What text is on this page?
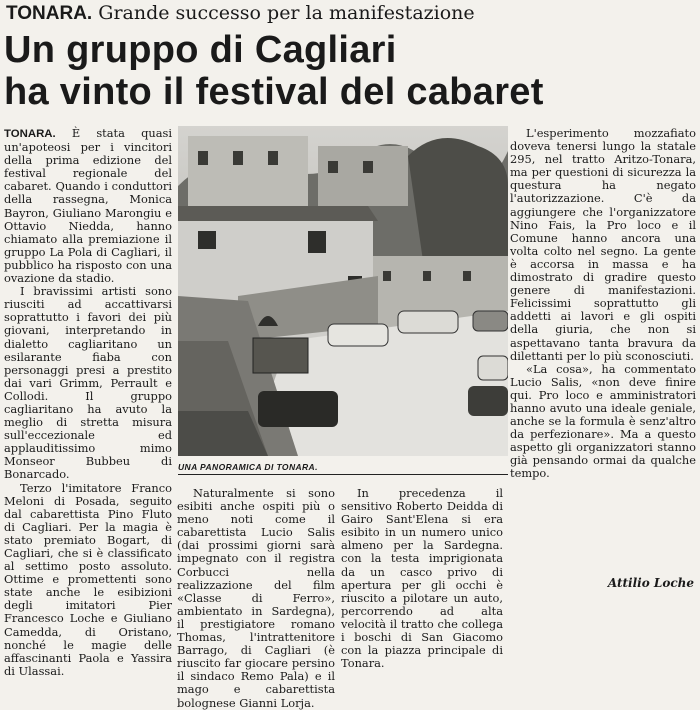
TONARA. Grande successo per la manifestazione
Un gruppo di Cagliari
ha vinto il festival del cabaret
UNA PANORAMICA DI TONARA.

TONARA. È stata quasi un'apoteosi per i vincitori della prima edizione del festival regionale del cabaret. Quando i conduttori della rassegna, Monica Bayron, Giuliano Marongiu e Ottavio Niedda, hanno chiamato alla premiazione il gruppo La Pola di Cagliari, il pubblico ha risposto con una ovazione da stadio.

I bravissimi artisti sono riusciti ad accattivarsi soprattutto i favori dei più giovani, interpretando in dialetto cagliaritano un esilarante fiaba con personaggi presi a prestito dai vari Grimm, Perrault e Collodi. Il gruppo cagliaritano ha avuto la meglio di stretta misura sull'eccezionale ed applauditissimo mimo Monseor Bubbeu di Bonarcado.

Terzo l'imitatore Franco Meloni di Posada, seguito dal cabarettista Pino Fluto di Cagliari. Per la magia è stato premiato Bogart, di Cagliari, che si è classificato al settimo posto assoluto. Ottime e promettenti sono state anche le esibizioni degli imitatori Pier Francesco Loche e Giuliano Camedda, di Oristano, nonché le magie delle affascinanti Paola e Yassira di Ulassai.

Naturalmente si sono esibiti anche ospiti più o meno noti come il cabarettista Lucio Salis (dai prossimi giorni sarà impegnato con il registra Corbucci nella realizzazione del film «Classe di Ferro», ambientato in Sardegna), il prestigiatore romano Thomas, l'intrattenitore Barrago, di Cagliari (è riuscito far giocare persino il sindaco Remo Pala) e il mago e cabarettista bolognese Gianni Lorja.

In precedenza il sensitivo Roberto Deidda di Gairo Sant'Elena si era esibito in un numero unico almeno per la Sardegna. con la testa imprigionata da un casco privo di apertura per gli occhi è riuscito a pilotare un auto, percorrendo ad alta velocità il tratto che collega i boschi di San Giacomo con la piazza principale di Tonara.

L'esperimento mozzafiato doveva tenersi lungo la statale 295, nel tratto Aritzo-Tonara, ma per questioni di sicurezza la questura ha negato l'autorizzazione. C'è da aggiungere che l'organizzatore Nino Fais, la Pro loco e il Comune hanno ancora una volta colto nel segno. La gente è accorsa in massa e ha dimostrato di gradire questo genere di manifestazioni. Felicissimi soprattutto gli addetti ai lavori e gli ospiti della giuria, che non si aspettavano tanta bravura da dilettanti per lo più sconosciuti.

«La cosa», ha commentato Lucio Salis, «non deve finire qui. Pro loco e amministratori hanno avuto una ideale geniale, anche se la formula è senz'altro da perfezionare». Ma a questo aspetto gli organizzatori stanno già pensando ormai da qualche tempo.

Attilio Loche
